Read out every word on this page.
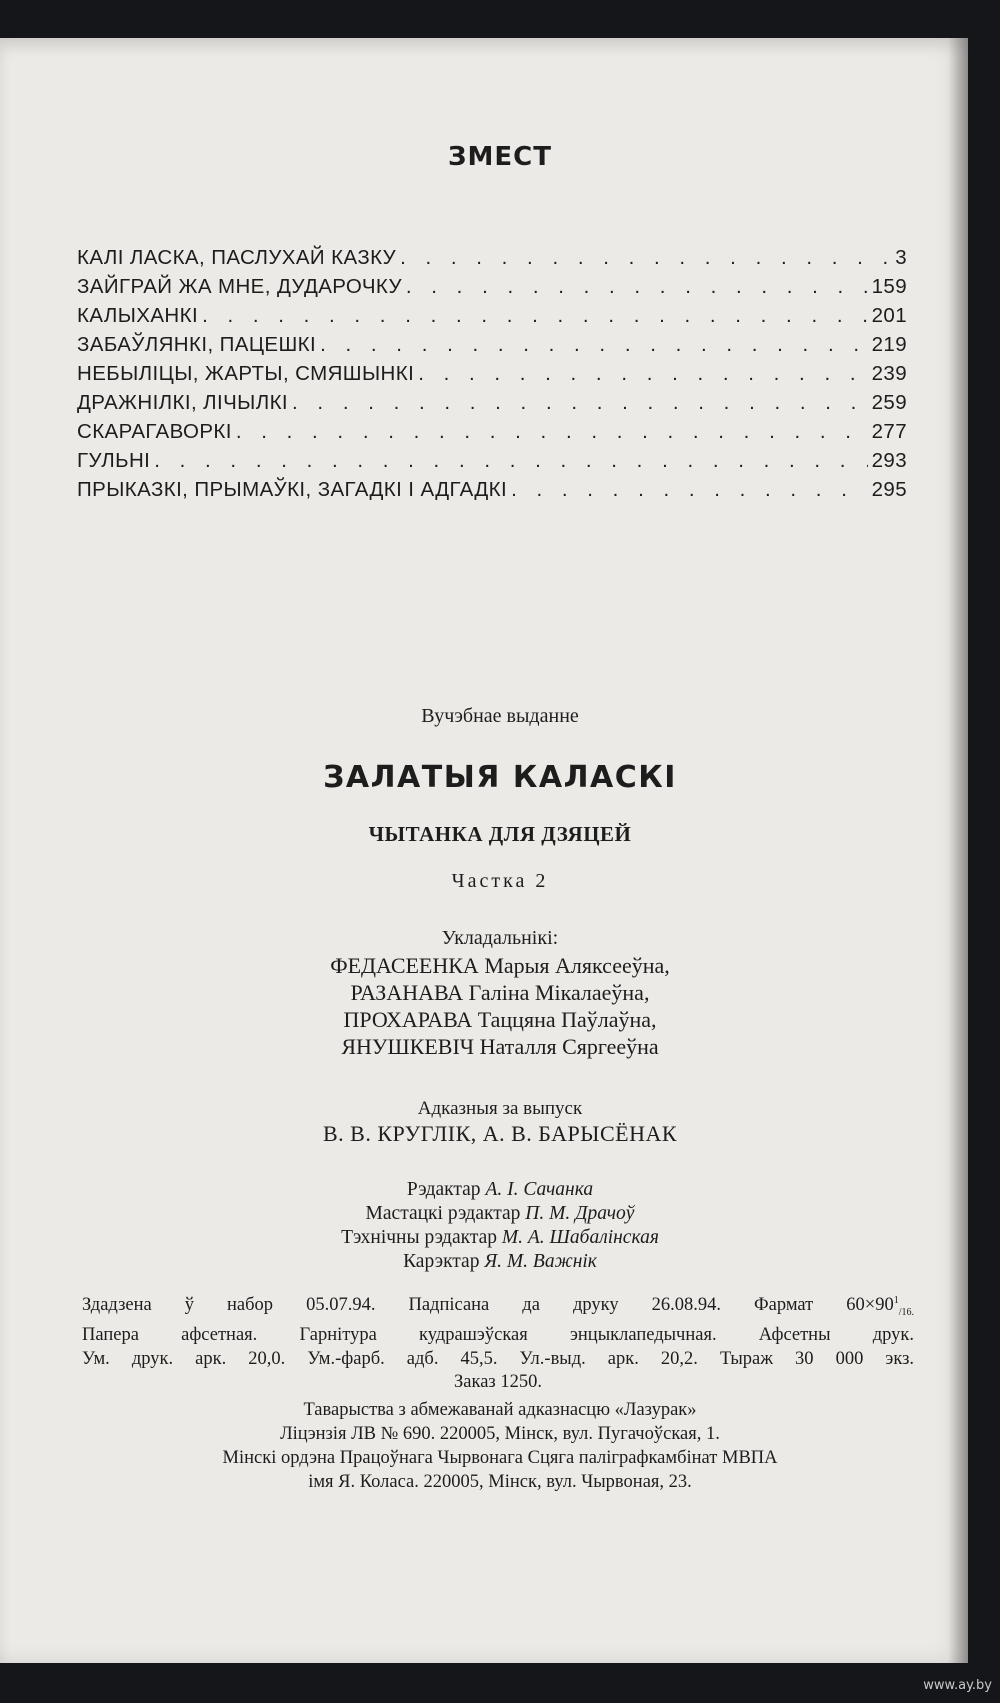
ЗМЕСТ
КАЛІ ЛАСКА, ПАСЛУХАЙ КАЗКУ . . .	3
ЗАЙГРАЙ ЖА МНЕ, ДУДАРОЧКУ . . .	159
КАЛЫХАНКІ . . .	201
ЗАБАЎЛЯНКІ, ПАЦЕШКІ . . .	219
НЕБЫЛІЦЫ, ЖАРТЫ, СМЯШЫНКІ . . .	239
ДРАЖНІЛКІ, ЛІЧЫЛКІ . . .	259
СКАРАГАВОРКІ . . .	277
ГУЛЬНІ . . .	293
ПРЫКАЗКІ, ПРЫМАЎКІ, ЗАГАДКІ І АДГАДКІ . . .	295
Вучэбнае выданне
ЗАЛАТЫЯ КАЛАСКІ
ЧЫТАНКА ДЛЯ ДЗЯЦЕЙ
Частка 2
Укладальнікі:
ФЕДАСЕЕНКА Марыя Аляксееўна,
РАЗАНАВА Галіна Мікалаеўна,
ПРОХАРАВА Таццяна Паўлаўна,
ЯНУШКЕВІЧ Наталля Сяргееўна
Адказныя за выпуск
В. В. КРУГЛІК, А. В. БАРЫСЁНАК
Рэдактар А. І. Сачанка
Мастацкі рэдактар П. М. Драчоў
Тэхнічны рэдактар М. А. Шабалінская
Карэктар Я. М. Важнік
Здадзена ў набор 05.07.94. Падпісана да друку 26.08.94. Фармат $60\times 90^1_{/16.}$
Папера афсетная. Гарнітура кудрашэўская энцыклапедычная. Афсетны друк.
Ум. друк. арк. 20,0. Ум.-фарб. адб. 45,5. Ул.-выд. арк. 20,2. Тыраж 30 000 экз.
Заказ 1250.
Таварыства з абмежаванай адказнасцю «Лазурак»
Ліцэнзія ЛВ № 690. 220005, Мінск, вул. Пугачоўская, 1.
Мінскі ордэна Працоўнага Чырвонага Сцяга паліграфкамбінат МВПА
імя Я. Коласа. 220005, Мінск, вул. Чырвоная, 23.
www.ay.by
